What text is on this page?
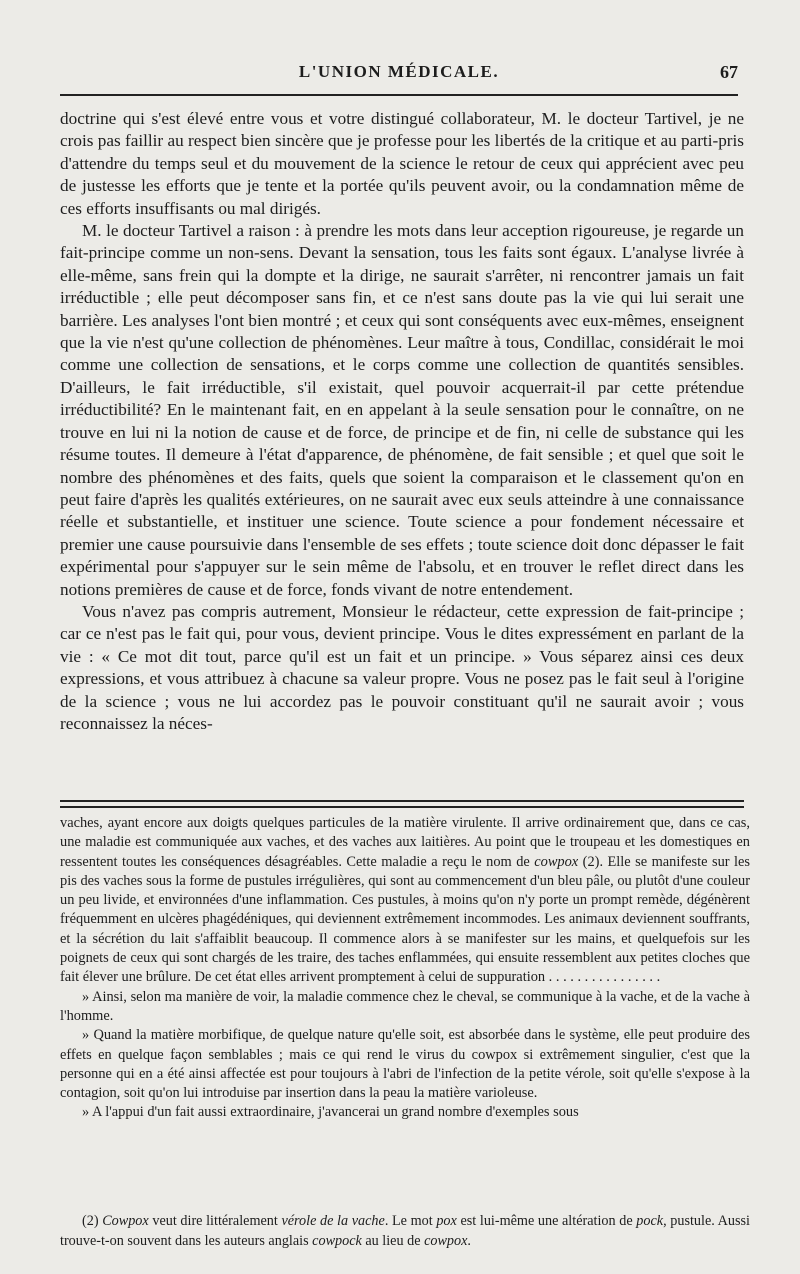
L'UNION MÉDICALE.	67

doctrine qui s'est élevé entre vous et votre distingué collaborateur, M. le docteur Tartivel, je ne crois pas faillir au respect bien sincère que je professe pour les libertés de la critique et au parti-pris d'attendre du temps seul et du mouvement de la science le retour de ceux qui apprécient avec peu de justesse les efforts que je tente et la portée qu'ils peuvent avoir, ou la condamnation même de ces efforts insuffisants ou mal dirigés.

M. le docteur Tartivel a raison : à prendre les mots dans leur acception rigoureuse, je regarde un fait-principe comme un non-sens. Devant la sensation, tous les faits sont égaux. L'analyse livrée à elle-même, sans frein qui la dompte et la dirige, ne saurait s'arrêter, ni rencontrer jamais un fait irréductible ; elle peut décomposer sans fin, et ce n'est sans doute pas la vie qui lui serait une barrière. Les analyses l'ont bien montré ; et ceux qui sont conséquents avec eux-mêmes, enseignent que la vie n'est qu'une collection de phénomènes. Leur maître à tous, Condillac, considérait le moi comme une collection de sensations, et le corps comme une collection de quantités sensibles. D'ailleurs, le fait irréductible, s'il existait, quel pouvoir acquerrait-il par cette prétendue irréductibilité? En le maintenant fait, en en appelant à la seule sensation pour le connaître, on ne trouve en lui ni la notion de cause et de force, de principe et de fin, ni celle de substance qui les résume toutes. Il demeure à l'état d'apparence, de phénomène, de fait sensible ; et quel que soit le nombre des phénomènes et des faits, quels que soient la comparaison et le classement qu'on en peut faire d'après les qualités extérieures, on ne saurait avec eux seuls atteindre à une connaissance réelle et substantielle, et instituer une science. Toute science a pour fondement nécessaire et premier une cause poursuivie dans l'ensemble de ses effets ; toute science doit donc dépasser le fait expérimental pour s'appuyer sur le sein même de l'absolu, et en trouver le reflet direct dans les notions premières de cause et de force, fonds vivant de notre entendement.

Vous n'avez pas compris autrement, Monsieur le rédacteur, cette expression de fait-principe ; car ce n'est pas le fait qui, pour vous, devient principe. Vous le dites expressément en parlant de la vie : « Ce mot dit tout, parce qu'il est un fait et un principe. » Vous séparez ainsi ces deux expressions, et vous attribuez à chacune sa valeur propre. Vous ne posez pas le fait seul à l'origine de la science ; vous ne lui accordez pas le pouvoir constituant qu'il ne saurait avoir ; vous reconnaissez la néces-

vaches, ayant encore aux doigts quelques particules de la matière virulente. Il arrive ordinairement que, dans ce cas, une maladie est communiquée aux vaches, et des vaches aux laitières. Au point que le troupeau et les domestiques en ressentent toutes les conséquences désagréables. Cette maladie a reçu le nom de cowpox (2). Elle se manifeste sur les pis des vaches sous la forme de pustules irrégulières, qui sont au commencement d'un bleu pâle, ou plutôt d'une couleur un peu livide, et environnées d'une inflammation. Ces pustules, à moins qu'on n'y porte un prompt remède, dégénèrent fréquemment en ulcères phagédéniques, qui deviennent extrêmement incommodes. Les animaux deviennent souffrants, et la sécrétion du lait s'affaiblit beaucoup. Il commence alors à se manifester sur les mains, et quelquefois sur les poignets de ceux qui sont chargés de les traire, des taches enflammées, qui ensuite ressemblent aux petites cloches que fait élever une brûlure. De cet état elles arrivent promptement à celui de suppuration . . . . . . . . . . . . . . . .

» Ainsi, selon ma manière de voir, la maladie commence chez le cheval, se communique à la vache, et de la vache à l'homme.

» Quand la matière morbifique, de quelque nature qu'elle soit, est absorbée dans le système, elle peut produire des effets en quelque façon semblables ; mais ce qui rend le virus du cowpox si extrêmement singulier, c'est que la personne qui en a été ainsi affectée est pour toujours à l'abri de l'infection de la petite vérole, soit qu'elle s'expose à la contagion, soit qu'on lui introduise par insertion dans la peau la matière varioleuse.

» A l'appui d'un fait aussi extraordinaire, j'avancerai un grand nombre d'exemples sous

(2) Cowpox veut dire littéralement vérole de la vache. Le mot pox est lui-même une altération de pock, pustule. Aussi trouve-t-on souvent dans les auteurs anglais cowpock au lieu de cowpox.
